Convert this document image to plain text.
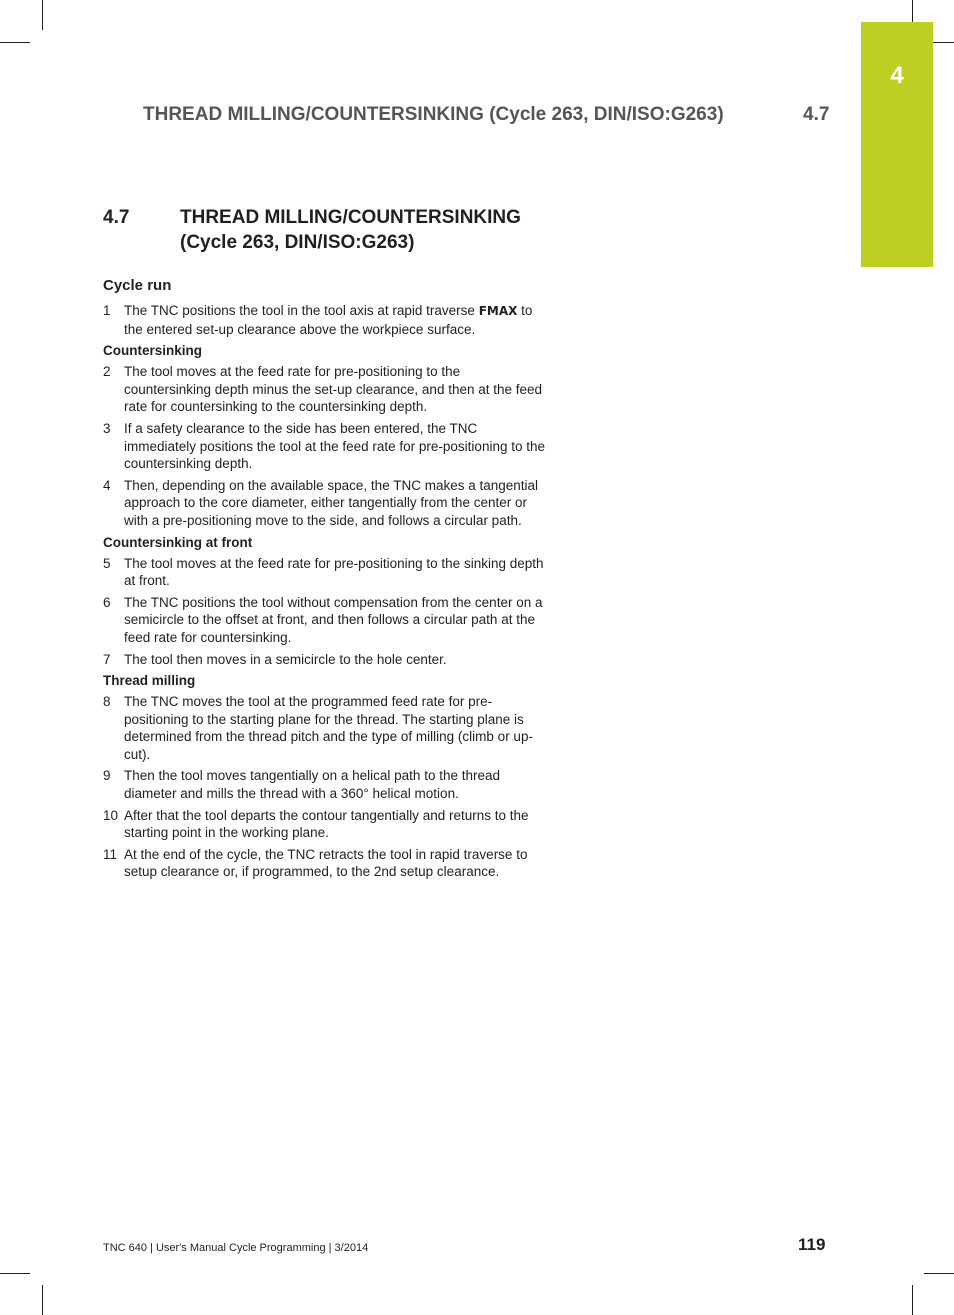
4
THREAD MILLING/COUNTERSINKING (Cycle 263, DIN/ISO:G263)	4.7
4.7	THREAD MILLING/COUNTERSINKING
(Cycle 263, DIN/ISO:G263)
Cycle run
1 The TNC positions the tool in the tool axis at rapid traverse FMAX to the entered set-up clearance above the workpiece surface.
Countersinking
2 The tool moves at the feed rate for pre-positioning to the countersinking depth minus the set-up clearance, and then at the feed rate for countersinking to the countersinking depth.
3 If a safety clearance to the side has been entered, the TNC immediately positions the tool at the feed rate for pre-positioning to the countersinking depth.
4 Then, depending on the available space, the TNC makes a tangential approach to the core diameter, either tangentially from the center or with a pre-positioning move to the side, and follows a circular path.
Countersinking at front
5 The tool moves at the feed rate for pre-positioning to the sinking depth at front.
6 The TNC positions the tool without compensation from the center on a semicircle to the offset at front, and then follows a circular path at the feed rate for countersinking.
7 The tool then moves in a semicircle to the hole center.
Thread milling
8 The TNC moves the tool at the programmed feed rate for pre-positioning to the starting plane for the thread. The starting plane is determined from the thread pitch and the type of milling (climb or up-cut).
9 Then the tool moves tangentially on a helical path to the thread diameter and mills the thread with a 360° helical motion.
10 After that the tool departs the contour tangentially and returns to the starting point in the working plane.
11 At the end of the cycle, the TNC retracts the tool in rapid traverse to setup clearance or, if programmed, to the 2nd setup clearance.
TNC 640 | User's Manual Cycle Programming | 3/2014	119
